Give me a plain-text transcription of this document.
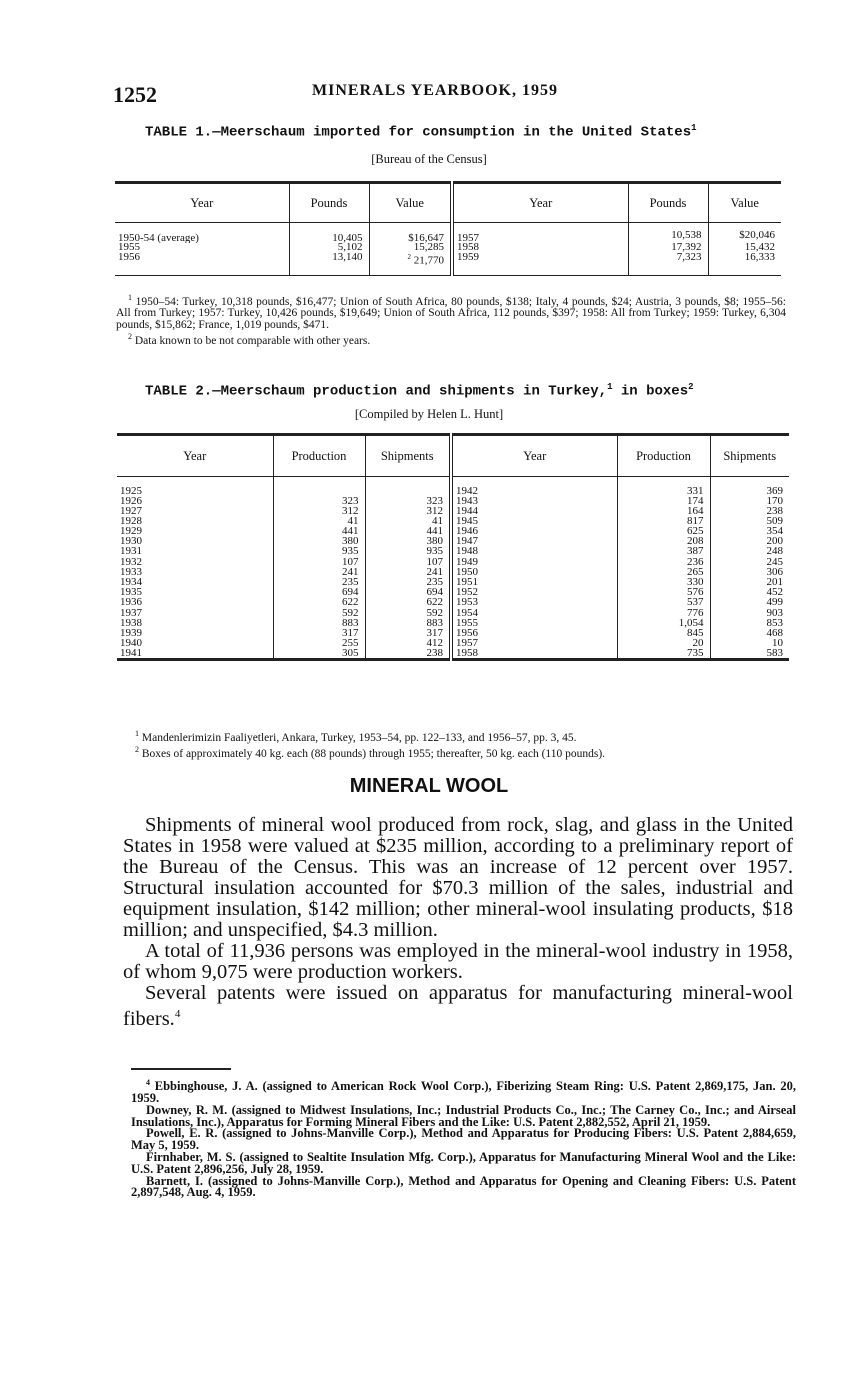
1252	MINERALS YEARBOOK, 1959
TABLE 1.—Meerschaum imported for consumption in the United States$^1$
[Bureau of the Census]
Year	Pounds	Value	Year	Pounds	Value
1950-54 (average)	10,405	$16,647	1957	10,538	$20,046
1955	5,102	15,285	1958	17,392	15,432
1956	13,140	$^2$ 21,770	1959	7,323	16,333
$^1$ 1950–54: Turkey, 10,318 pounds, $16,477; Union of South Africa, 80 pounds, $138; Italy, 4 pounds, $24; Austria, 3 pounds, $8; 1955–56: All from Turkey; 1957: Turkey, 10,426 pounds, $19,649; Union of South Africa, 112 pounds, $397; 1958: All from Turkey; 1959: Turkey, 6,304 pounds, $15,862; France, 1,019 pounds, $471.
$^2$ Data known to be not comparable with other years.
TABLE 2.—Meerschaum production and shipments in Turkey,$^1$ in boxes$^2$
[Compiled by Helen L. Hunt]
Year	Production	Shipments	Year	Production	Shipments
1925			1942	331	369
1926	323	323	1943	174	170
1927	312	312	1944	164	238
1928	41	41	1945	817	509
1929	441	441	1946	625	354
1930	380	380	1947	208	200
1931	935	935	1948	387	248
1932	107	107	1949	236	245
1933	241	241	1950	265	306
1934	235	235	1951	330	201
1935	694	694	1952	576	452
1936	622	622	1953	537	499
1937	592	592	1954	776	903
1938	883	883	1955	1,054	853
1939	317	317	1956	845	468
1940	255	412	1957	20	10
1941	305	238	1958	735	583
$^1$ Mandenlerimizin Faaliyetleri, Ankara, Turkey, 1953–54, pp. 122–133, and 1956–57, pp. 3, 45.
$^2$ Boxes of approximately 40 kg. each (88 pounds) through 1955; thereafter, 50 kg. each (110 pounds).
MINERAL WOOL

Shipments of mineral wool produced from rock, slag, and glass in the United States in 1958 were valued at $235 million, according to a preliminary report of the Bureau of the Census. This was an increase of 12 percent over 1957. Structural insulation accounted for $70.3 million of the sales, industrial and equipment insulation, $142 million; other mineral-wool insulating products, $18 million; and unspecified, $4.3 million.

A total of 11,936 persons was employed in the mineral-wool industry in 1958, of whom 9,075 were production workers.

Several patents were issued on apparatus for manufacturing mineral-wool fibers.$^4$

$^4$ Ebbinghouse, J. A. (assigned to American Rock Wool Corp.), Fiberizing Steam Ring: U.S. Patent 2,869,175, Jan. 20, 1959.

Downey, R. M. (assigned to Midwest Insulations, Inc.; Industrial Products Co., Inc.; The Carney Co., Inc.; and Airseal Insulations, Inc.), Apparatus for Forming Mineral Fibers and the Like: U.S. Patent 2,882,552, April 21, 1959.

Powell, E. R. (assigned to Johns-Manville Corp.), Method and Apparatus for Producing Fibers: U.S. Patent 2,884,659, May 5, 1959.

Firnhaber, M. S. (assigned to Sealtite Insulation Mfg. Corp.), Apparatus for Manufacturing Mineral Wool and the Like: U.S. Patent 2,896,256, July 28, 1959.

Barnett, I. (assigned to Johns-Manville Corp.), Method and Apparatus for Opening and Cleaning Fibers: U.S. Patent 2,897,548, Aug. 4, 1959.
